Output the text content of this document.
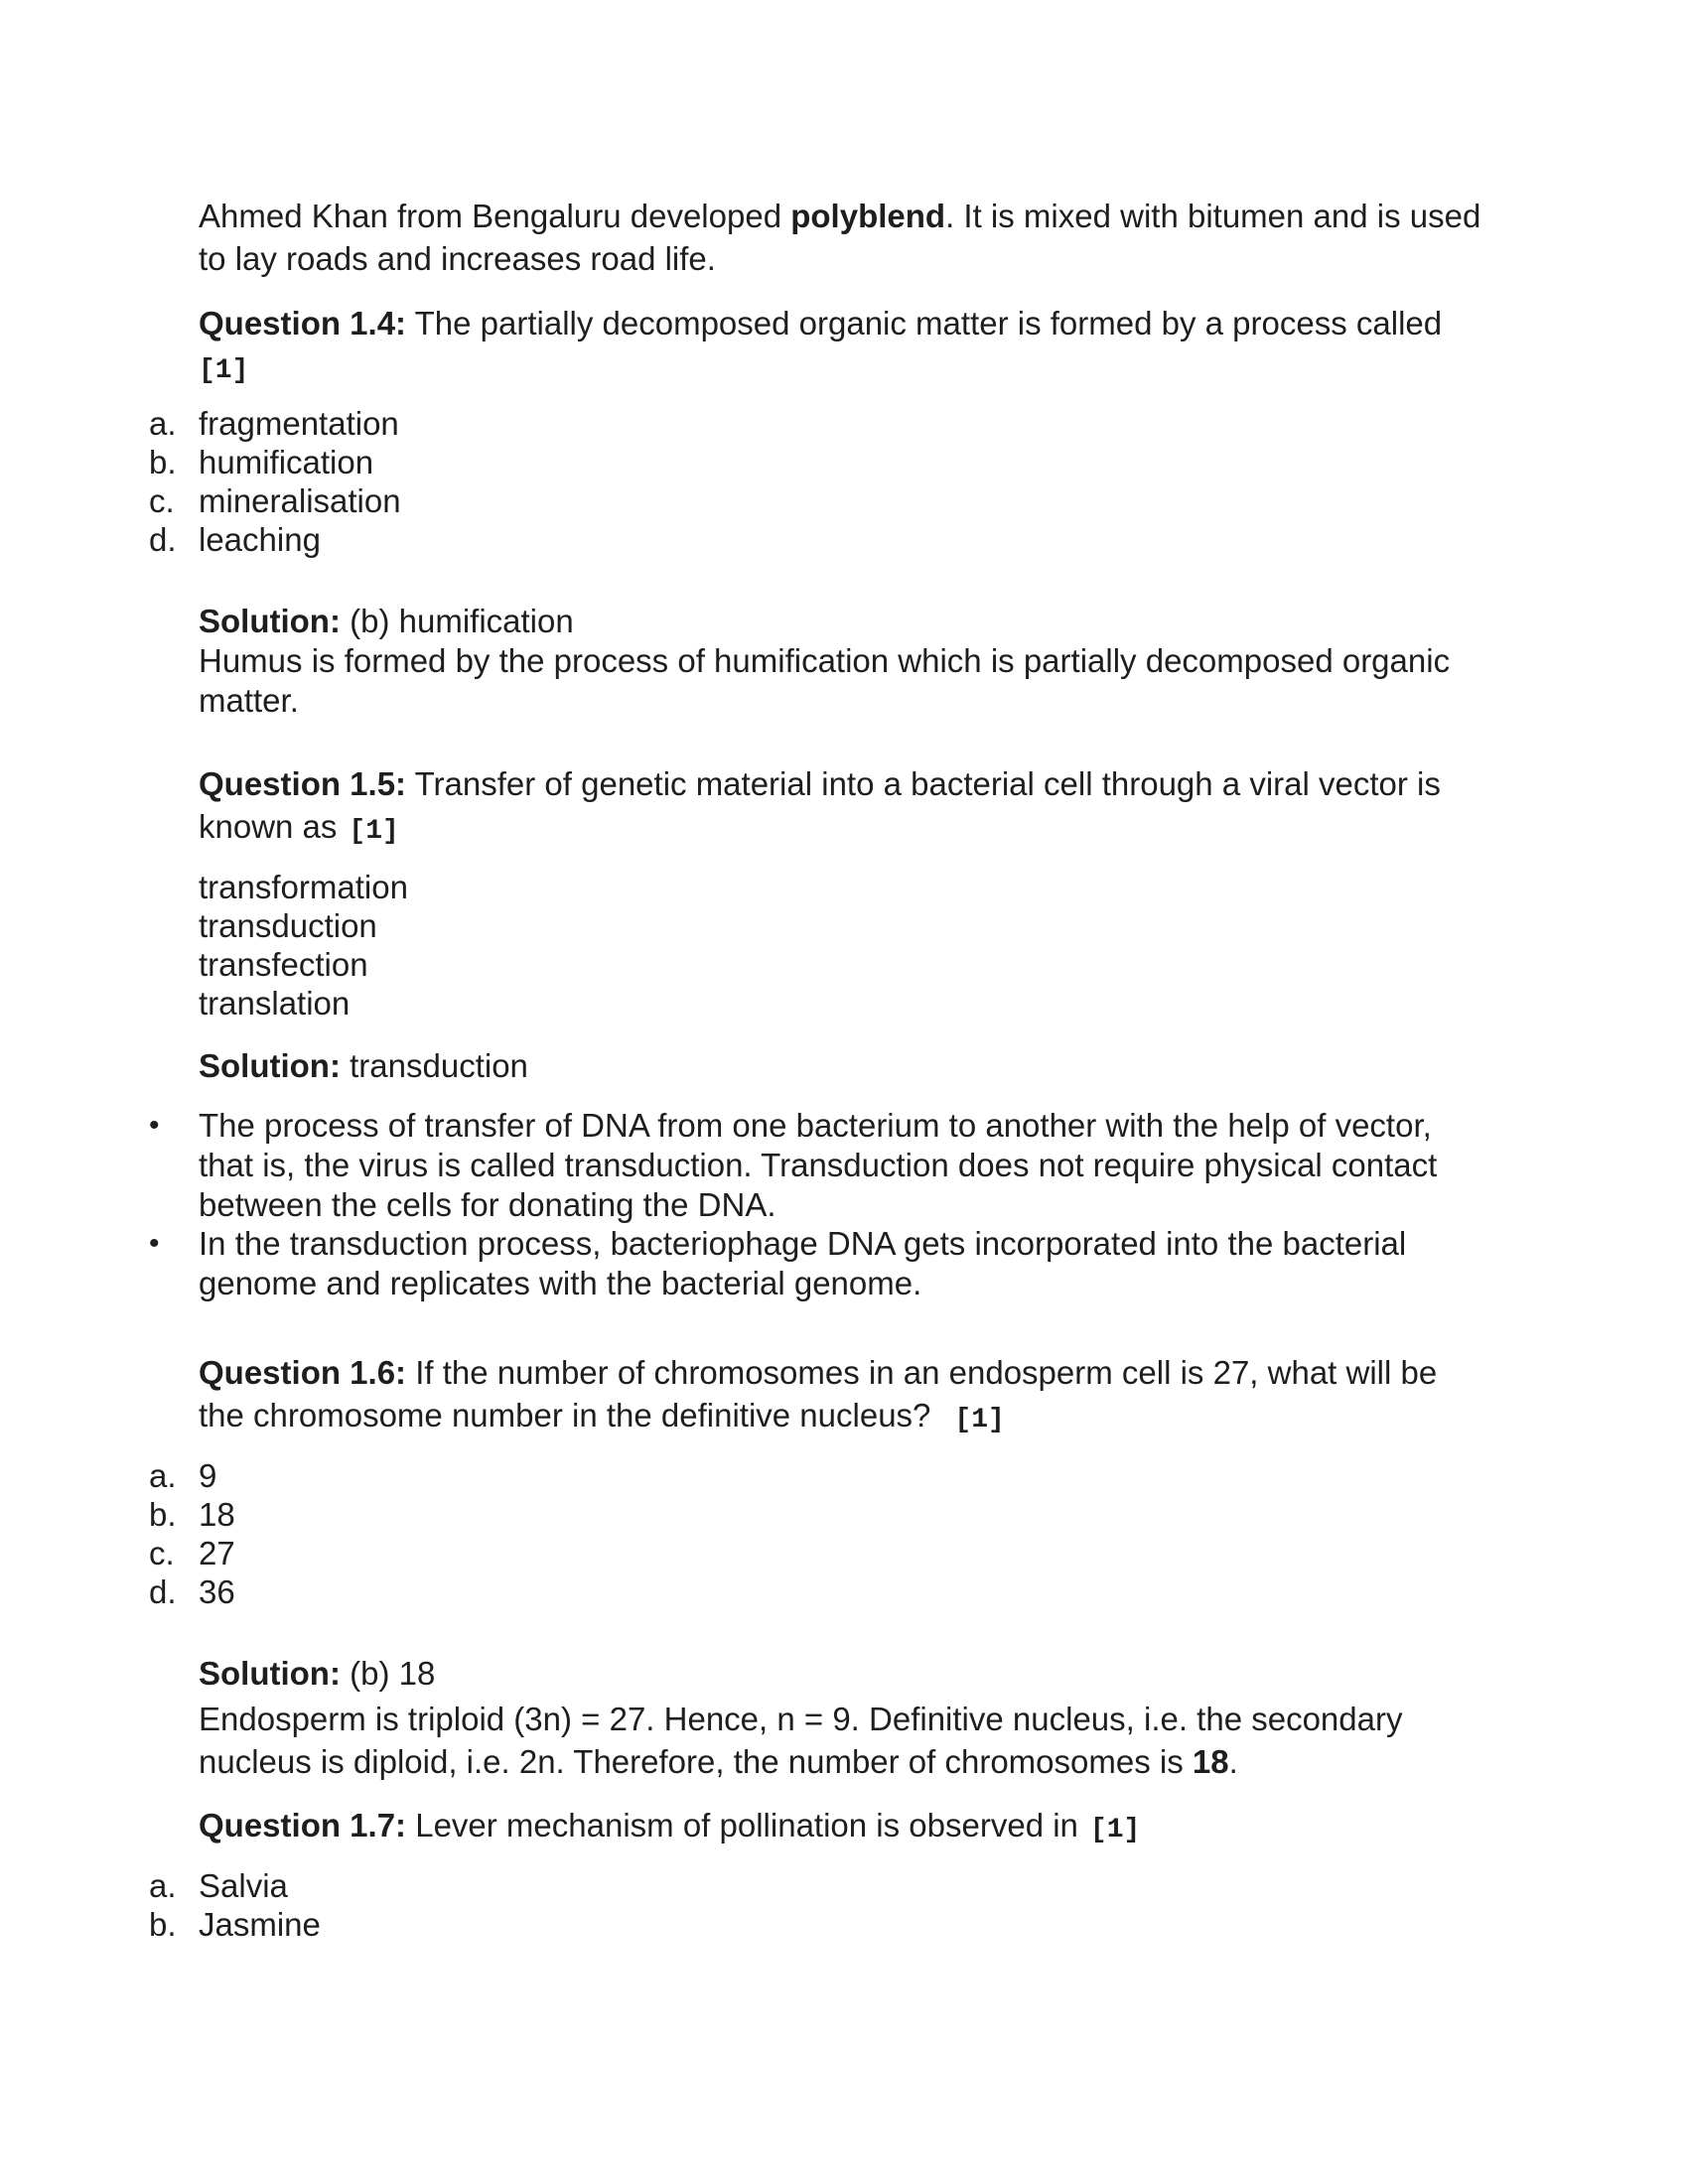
Ahmed Khan from Bengaluru developed polyblend. It is mixed with bitumen and is used to lay roads and increases road life.
Question 1.4: The partially decomposed organic matter is formed by a process called
[1]
a. fragmentation
b. humification
c. mineralisation
d. leaching
Solution: (b) humification
Humus is formed by the process of humification which is partially decomposed organic matter.
Question 1.5: Transfer of genetic material into a bacterial cell through a viral vector is known as [1]
transformation
transduction
transfection
translation
Solution: transduction
•	The process of transfer of DNA from one bacterium to another with the help of vector, that is, the virus is called transduction. Transduction does not require physical contact between the cells for donating the DNA.
•	In the transduction process, bacteriophage DNA gets incorporated into the bacterial genome and replicates with the bacterial genome.
Question 1.6: If the number of chromosomes in an endosperm cell is 27, what will be the chromosome number in the definitive nucleus? [1]
a. 9
b. 18
c. 27
d. 36
Solution: (b) 18
Endosperm is triploid (3n) = 27. Hence, n = 9. Definitive nucleus, i.e. the secondary nucleus is diploid, i.e. 2n. Therefore, the number of chromosomes is 18.
Question 1.7: Lever mechanism of pollination is observed in [1]
a. Salvia
b. Jasmine
